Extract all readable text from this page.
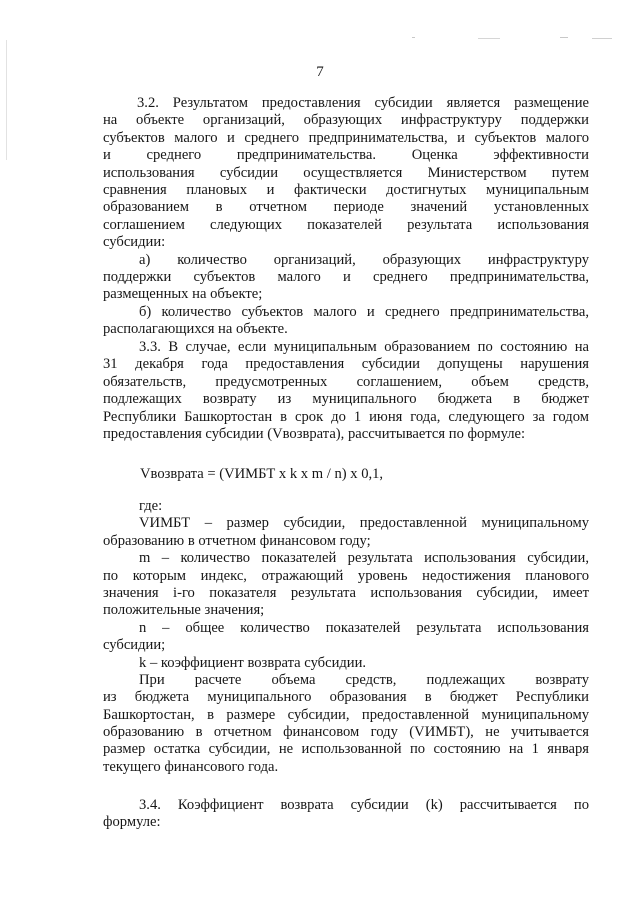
7
3.2. Результатом предоставления субсидии является размещение
на объекте организаций, образующих инфраструктуру поддержки
субъектов малого и среднего предпринимательства, и субъектов малого
и среднего предпринимательства. Оценка эффективности
использования субсидии осуществляется Министерством путем
сравнения плановых и фактически достигнутых муниципальным
образованием в отчетном периоде значений установленных
соглашением следующих показателей результата использования
субсидии:
а) количество организаций, образующих инфраструктуру
поддержки субъектов малого и среднего предпринимательства,
размещенных на объекте;
б) количество субъектов малого и среднего предпринимательства,
располагающихся на объекте.
3.3. В случае, если муниципальным образованием по состоянию на
31 декабря года предоставления субсидии допущены нарушения
обязательств, предусмотренных соглашением, объем средств,
подлежащих возврату из муниципального бюджета в бюджет
Республики Башкортостан в срок до 1 июня года, следующего за годом
предоставления субсидии (Vвозврата), рассчитывается по формуле:
Vвозврата = (VИМБТ х k х m / n) х 0,1,
где:
VИМБТ – размер субсидии, предоставленной муниципальному
образованию в отчетном финансовом году;
m – количество показателей результата использования субсидии,
по которым индекс, отражающий уровень недостижения планового
значения i-го показателя результата использования субсидии, имеет
положительные значения;
n – общее количество показателей результата использования
субсидии;
k – коэффициент возврата субсидии.
При расчете объема средств, подлежащих возврату
из бюджета муниципального образования в бюджет Республики
Башкортостан, в размере субсидии, предоставленной муниципальному
образованию в отчетном финансовом году (VИМБТ), не учитывается
размер остатка субсидии, не использованной по состоянию на 1 января
текущего финансового года.
3.4. Коэффициент возврата субсидии (k) рассчитывается по
формуле:
